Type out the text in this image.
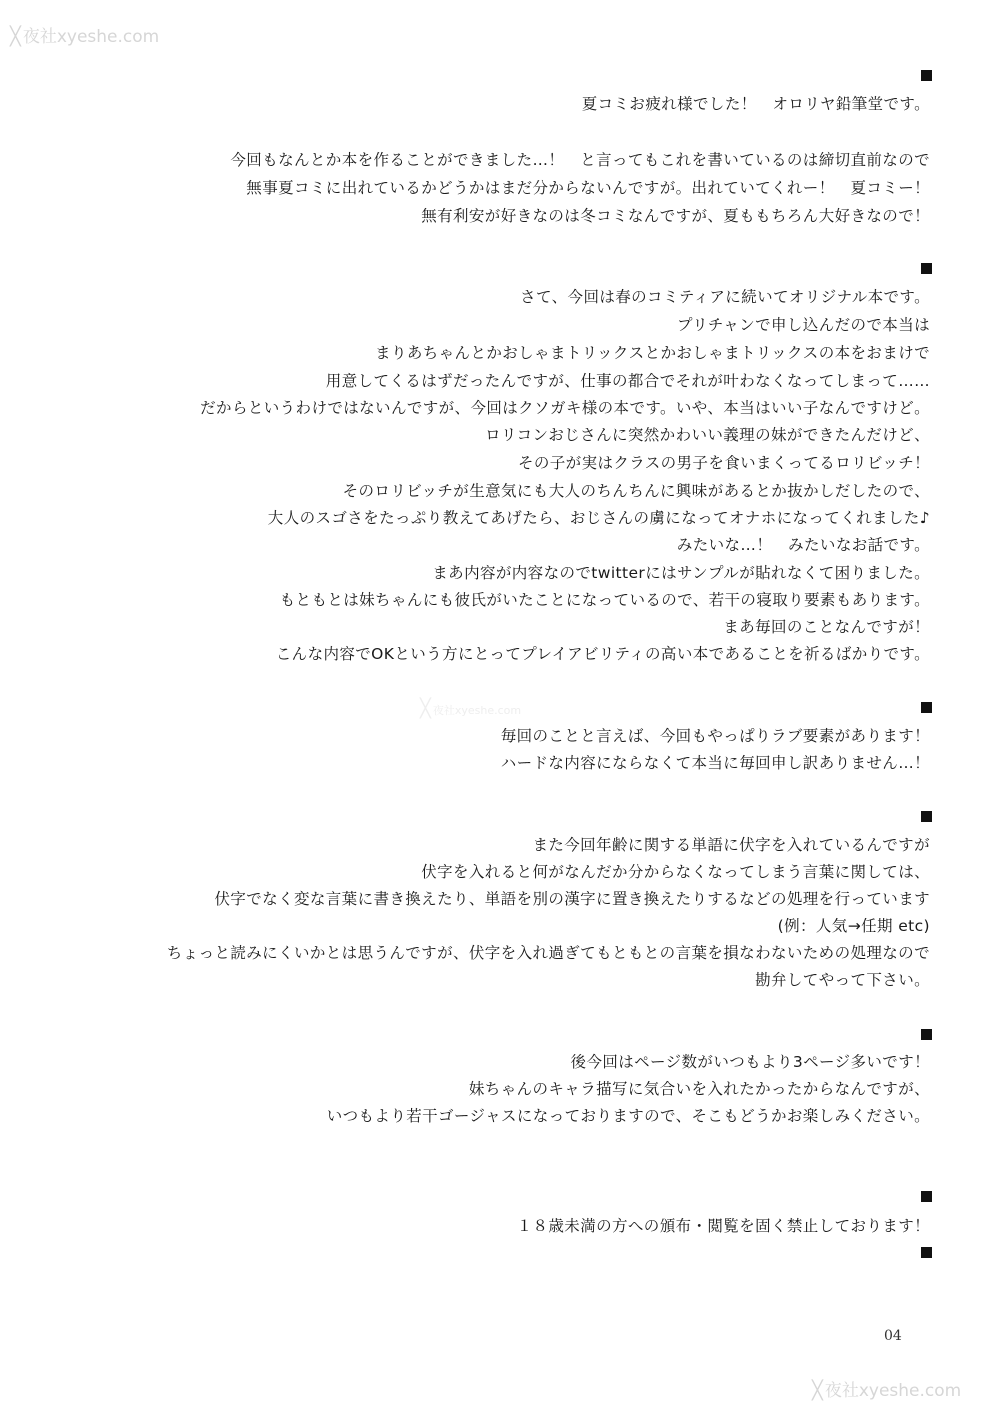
╳ 夜社xyeshe.com
╳ 夜社xyeshe.com
╳ 夜社xyeshe.com
夏コミお疲れ様でした！　オロリヤ鉛筆堂です。
今回もなんとか本を作ることができました…！　と言ってもこれを書いているのは締切直前なので
無事夏コミに出れているかどうかはまだ分からないんですが。出れていてくれー！　夏コミー！
無有利安が好きなのは冬コミなんですが、夏ももちろん大好きなので！
さて、今回は春のコミティアに続いてオリジナル本です。
プリチャンで申し込んだので本当は
まりあちゃんとかおしゃまトリックスとかおしゃまトリックスの本をおまけで
用意してくるはずだったんですが、仕事の都合でそれが叶わなくなってしまって……
だからというわけではないんですが、今回はクソガキ様の本です。いや、本当はいい子なんですけど。
ロリコンおじさんに突然かわいい義理の妹ができたんだけど、
その子が実はクラスの男子を食いまくってるロリビッチ！
そのロリビッチが生意気にも大人のちんちんに興味があるとか抜かしだしたので、
大人のスゴさをたっぷり教えてあげたら、おじさんの虜になってオナホになってくれました♪
みたいな…！　みたいなお話です。
まあ内容が内容なのでtwitterにはサンプルが貼れなくて困りました。
もともとは妹ちゃんにも彼氏がいたことになっているので、若干の寝取り要素もあります。
まあ毎回のことなんですが！
こんな内容でOKという方にとってプレイアビリティの高い本であることを祈るばかりです。
毎回のことと言えば、今回もやっぱりラブ要素があります！
ハードな内容にならなくて本当に毎回申し訳ありません…！
また今回年齢に関する単語に伏字を入れているんですが
伏字を入れると何がなんだか分からなくなってしまう言葉に関しては、
伏字でなく変な言葉に書き換えたり、単語を別の漢字に置き換えたりするなどの処理を行っています
(例：人気→任期 etc)
ちょっと読みにくいかとは思うんですが、伏字を入れ過ぎてもともとの言葉を損なわないための処理なので
勘弁してやって下さい。
後今回はページ数がいつもより3ページ多いです！
妹ちゃんのキャラ描写に気合いを入れたかったからなんですが、
いつもより若干ゴージャスになっておりますので、そこもどうかお楽しみください。
１８歳未満の方への頒布・閲覧を固く禁止しております！
04
